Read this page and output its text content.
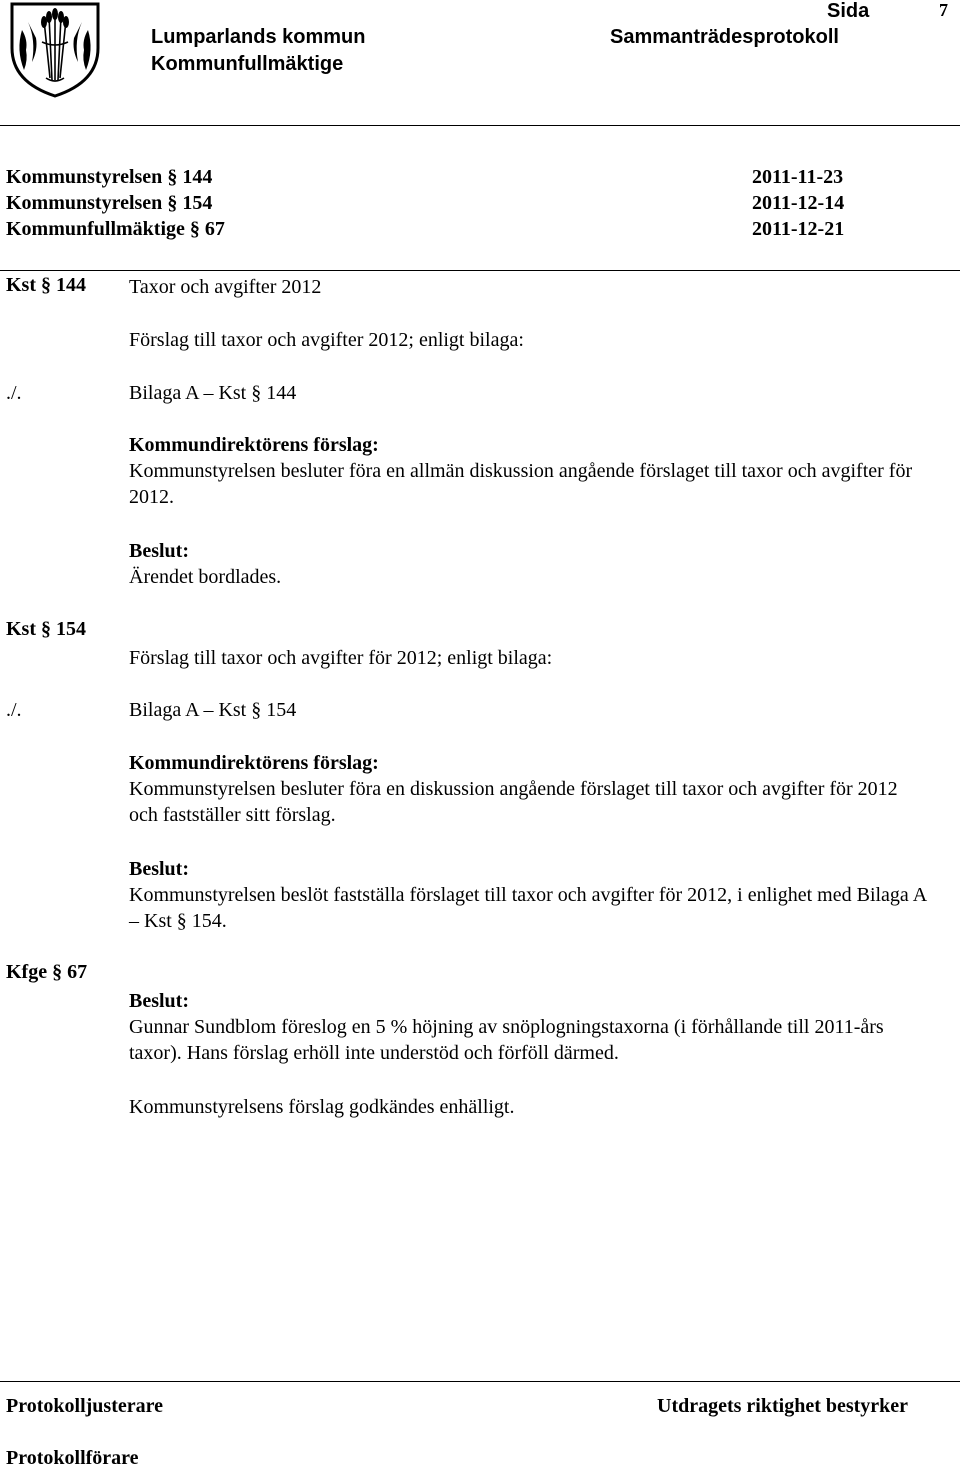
Lumparlands kommun
Kommunfullmäktige
Sammanträdesprotokoll
Sida	7
Kommunstyrelsen § 144	2011-11-23
Kommunstyrelsen § 154	2011-12-14
Kommunfullmäktige § 67	2011-12-21
Kst § 144 Taxor och avgifter 2012
Förslag till taxor och avgifter 2012; enligt bilaga:
./.	Bilaga A – Kst § 144
Kommundirektörens förslag:
Kommunstyrelsen besluter föra en allmän diskussion angående förslaget till taxor och avgifter för 2012.
Beslut:
Ärendet bordlades.
Kst § 154
Förslag till taxor och avgifter för 2012; enligt bilaga:
./.	Bilaga A – Kst § 154
Kommundirektörens förslag:
Kommunstyrelsen besluter föra en diskussion angående förslaget till taxor och avgifter för 2012 och fastställer sitt förslag.
Beslut:
Kommunstyrelsen beslöt fastställa förslaget till taxor och avgifter för 2012, i enlighet med Bilaga A – Kst § 154.
Kfge § 67
Beslut:
Gunnar Sundblom föreslog en 5 % höjning av snöplogningstaxorna (i förhållande till 2011-års taxor). Hans förslag erhöll inte understöd och förföll därmed.
Kommunstyrelsens förslag godkändes enhälligt.
Protokolljusterare	Utdragets riktighet bestyrker
Protokollförare
